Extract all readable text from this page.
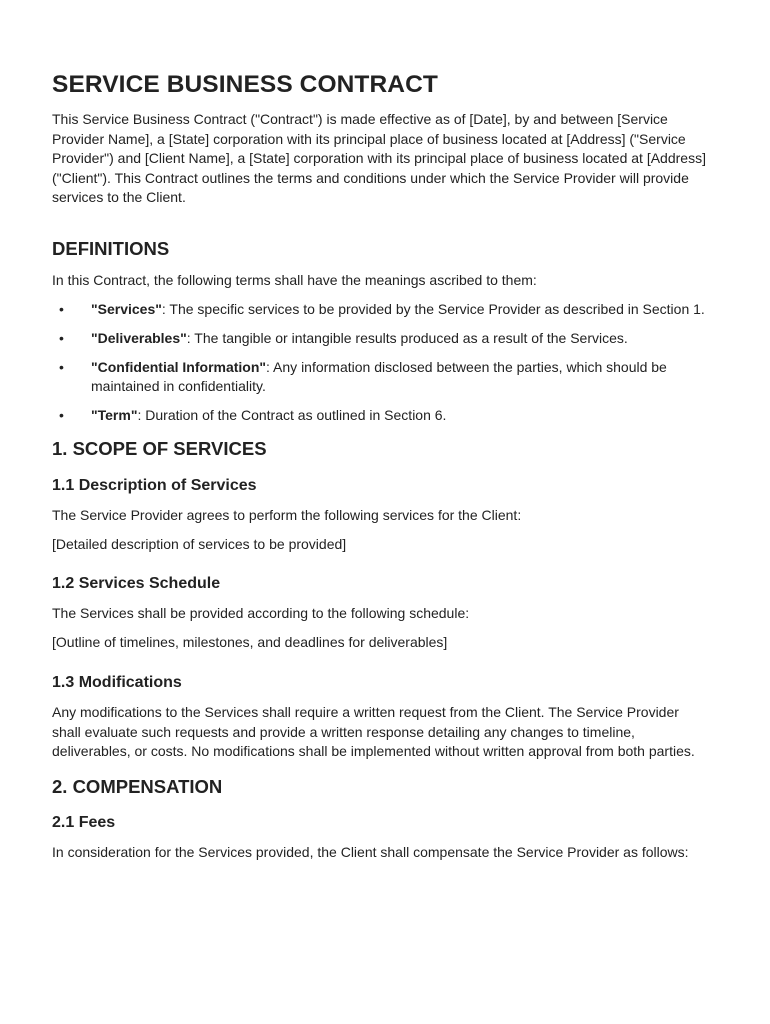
SERVICE BUSINESS CONTRACT

This Service Business Contract ("Contract") is made effective as of [Date], by and between [Service Provider Name], a [State] corporation with its principal place of business located at [Address] ("Service Provider") and [Client Name], a [State] corporation with its principal place of business located at [Address] ("Client"). This Contract outlines the terms and conditions under which the Service Provider will provide services to the Client.

DEFINITIONS

In this Contract, the following terms shall have the meanings ascribed to them:

• "Services": The specific services to be provided by the Service Provider as described in Section 1.
• "Deliverables": The tangible or intangible results produced as a result of the Services.
• "Confidential Information": Any information disclosed between the parties, which should be maintained in confidentiality.
• "Term": Duration of the Contract as outlined in Section 6.
1. SCOPE OF SERVICES
1.1 Description of Services

The Service Provider agrees to perform the following services for the Client:

[Detailed description of services to be provided]

1.2 Services Schedule

The Services shall be provided according to the following schedule:

[Outline of timelines, milestones, and deadlines for deliverables]

1.3 Modifications

Any modifications to the Services shall require a written request from the Client. The Service Provider shall evaluate such requests and provide a written response detailing any changes to timeline, deliverables, or costs. No modifications shall be implemented without written approval from both parties.

2. COMPENSATION
2.1 Fees

In consideration for the Services provided, the Client shall compensate the Service Provider as follows:
